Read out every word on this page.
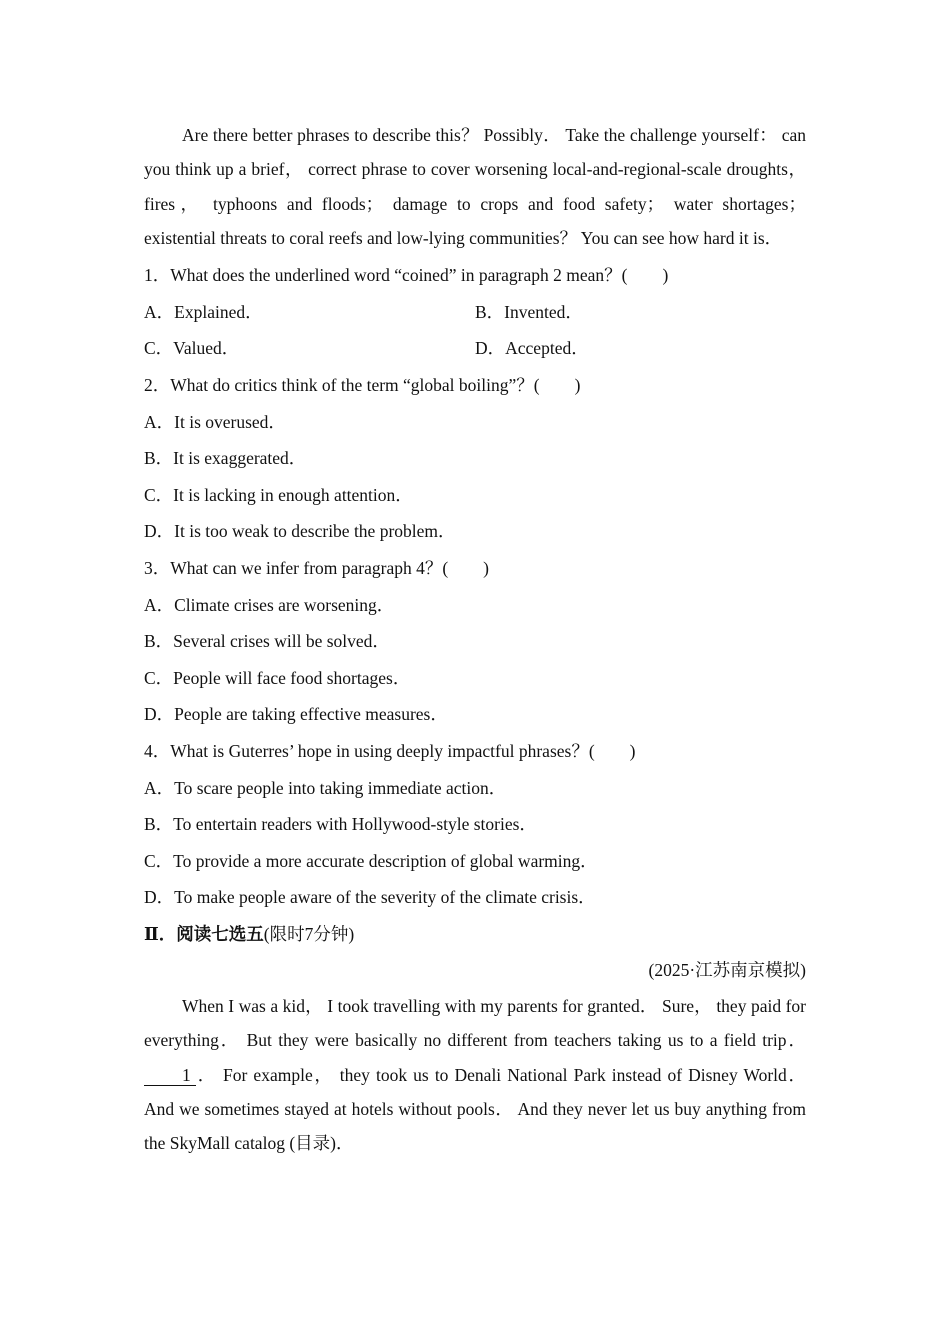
Are there better phrases to describe this？ Possibly． Take the challenge yourself： can you think up a brief， correct phrase to cover worsening local-and-regional-scale droughts， fires， typhoons and floods； damage to crops and food safety； water shortages； existential threats to coral reefs and low-lying communities？ You can see how hard it is．

1．What does the underlined word “coined” in paragraph 2 mean？(　　)
A．Explained．	B．Invented．
C．Valued．	D．Accepted．
2．What do critics think of the term “global boiling”？(　　)
A．It is overused．
B．It is exaggerated．
C．It is lacking in enough attention．
D．It is too weak to describe the problem．
3．What can we infer from paragraph 4？(　　)
A．Climate crises are worsening．
B．Several crises will be solved．
C．People will face food shortages．
D．People are taking effective measures．
4．What is Guterres’ hope in using deeply impactful phrases？(　　)
A．To scare people into taking immediate action．
B．To entertain readers with Hollywood-style stories．
C．To provide a more accurate description of global warming．
D．To make people aware of the severity of the climate crisis．
Ⅱ．阅读七选五(限时7分钟)
(2025·江苏南京模拟)

When I was a kid， I took travelling with my parents for granted． Sure， they paid for everything． But they were basically no different from teachers taking us to a field trip． 1 ． For example， they took us to Denali National Park instead of Disney World． And we sometimes stayed at hotels without pools． And they never let us buy anything from the SkyMall catalog (目录)．
